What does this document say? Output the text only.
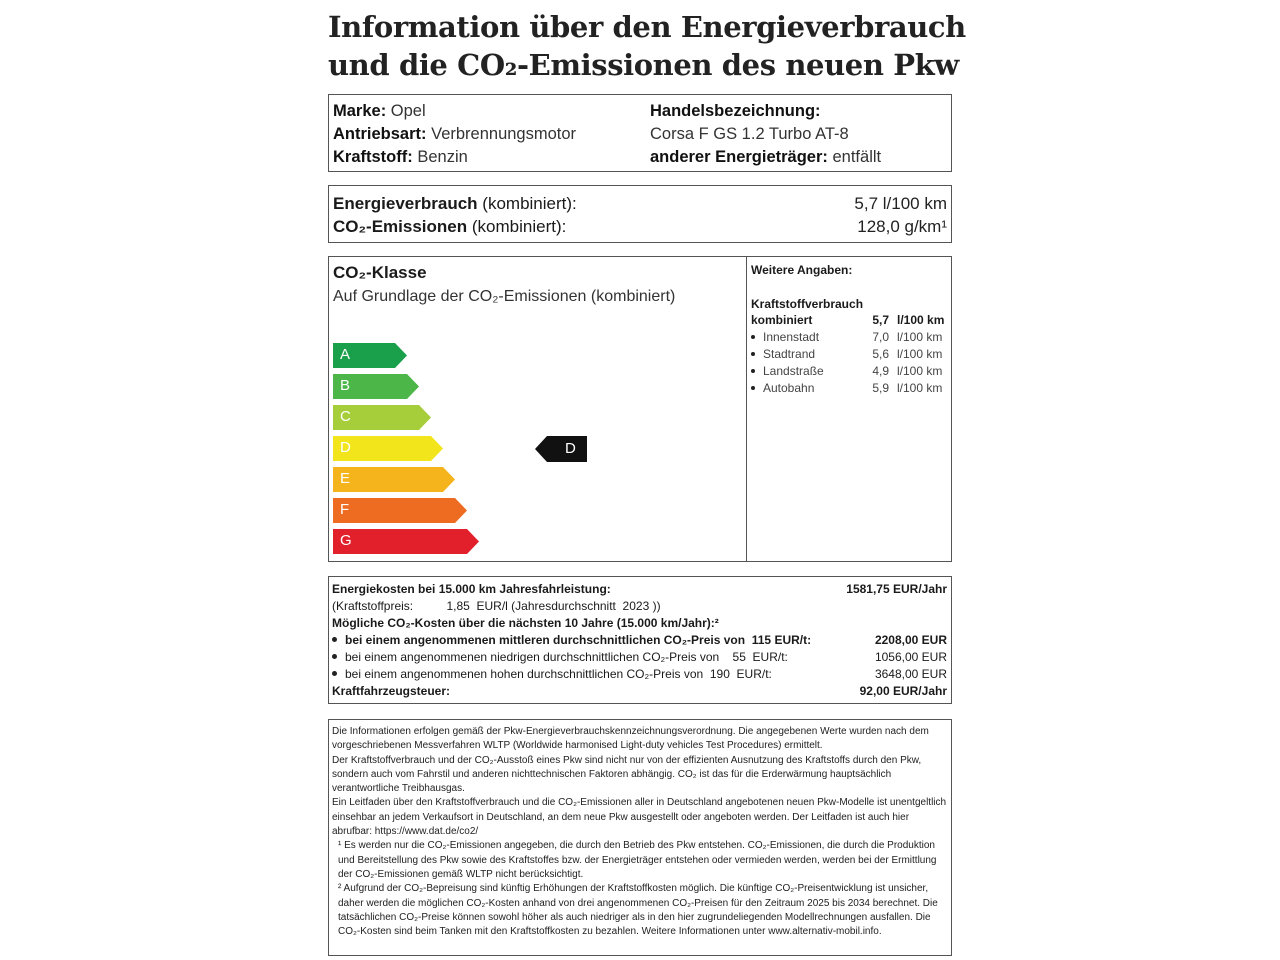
Information über den Energieverbrauch
und die CO₂-Emissionen des neuen Pkw
Marke: Opel
Antriebsart: Verbrennungsmotor
Kraftstoff: Benzin
Handelsbezeichnung:
Corsa F GS 1.2 Turbo AT-8
anderer Energieträger: entfällt
Energieverbrauch (kombiniert):	5,7 l/100 km
CO₂-Emissionen (kombiniert):	128,0 g/km¹
CO₂-Klasse
Auf Grundlage der CO₂-Emissionen (kombiniert)
A
B
C
D
E
F
G
D
Weitere Angaben:
Kraftstoffverbrauch
kombiniert	5,7 l/100 km
Innenstadt	7,0 l/100 km
Stadtrand	5,6 l/100 km
Landstraße	4,9 l/100 km
Autobahn	5,9 l/100 km
Energiekosten bei 15.000 km Jahresfahrleistung:	1581,75 EUR/Jahr
(Kraftstoffpreis:          1,85  EUR/l (Jahresdurchschnitt  2023 ))
Mögliche CO₂-Kosten über die nächsten 10 Jahre (15.000 km/Jahr):²
bei einem angenommenen mittleren durchschnittlichen CO₂-Preis von  115 EUR/t:	2208,00 EUR
bei einem angenommenen niedrigen durchschnittlichen CO₂-Preis von    55  EUR/t:	1056,00 EUR
bei einem angenommenen hohen durchschnittlichen CO₂-Preis von  190  EUR/t:	3648,00 EUR
Kraftfahrzeugsteuer:	92,00 EUR/Jahr

Die Informationen erfolgen gemäß der Pkw-Energieverbrauchskennzeichnungsverordnung. Die angegebenen Werte wurden nach dem vorgeschriebenen Messverfahren WLTP (Worldwide harmonised Light-duty vehicles Test Procedures) ermittelt.

Der Kraftstoffverbrauch und der CO₂-Ausstoß eines Pkw sind nicht nur von der effizienten Ausnutzung des Kraftstoffs durch den Pkw, sondern auch vom Fahrstil und anderen nichttechnischen Faktoren abhängig. CO₂ ist das für die Erderwärmung hauptsächlich verantwortliche Treibhausgas.

Ein Leitfaden über den Kraftstoffverbrauch und die CO₂-Emissionen aller in Deutschland angebotenen neuen Pkw-Modelle ist unentgeltlich einsehbar an jedem Verkaufsort in Deutschland, an dem neue Pkw ausgestellt oder angeboten werden. Der Leitfaden ist auch hier abrufbar: https://www.dat.de/co2/

¹ Es werden nur die CO₂-Emissionen angegeben, die durch den Betrieb des Pkw entstehen. CO₂-Emissionen, die durch die Produktion und Bereitstellung des Pkw sowie des Kraftstoffes bzw. der Energieträger entstehen oder vermieden werden, werden bei der Ermittlung der CO₂-Emissionen gemäß WLTP nicht berücksichtigt.

² Aufgrund der CO₂-Bepreisung sind künftig Erhöhungen der Kraftstoffkosten möglich. Die künftige CO₂-Preisentwicklung ist unsicher, daher werden die möglichen CO₂-Kosten anhand von drei angenommenen CO₂-Preisen für den Zeitraum 2025 bis 2034 berechnet. Die tatsächlichen CO₂-Preise können sowohl höher als auch niedriger als in den hier zugrundeliegenden Modellrechnungen ausfallen. Die CO₂-Kosten sind beim Tanken mit den Kraftstoffkosten zu bezahlen. Weitere Informationen unter www.alternativ-mobil.info.
